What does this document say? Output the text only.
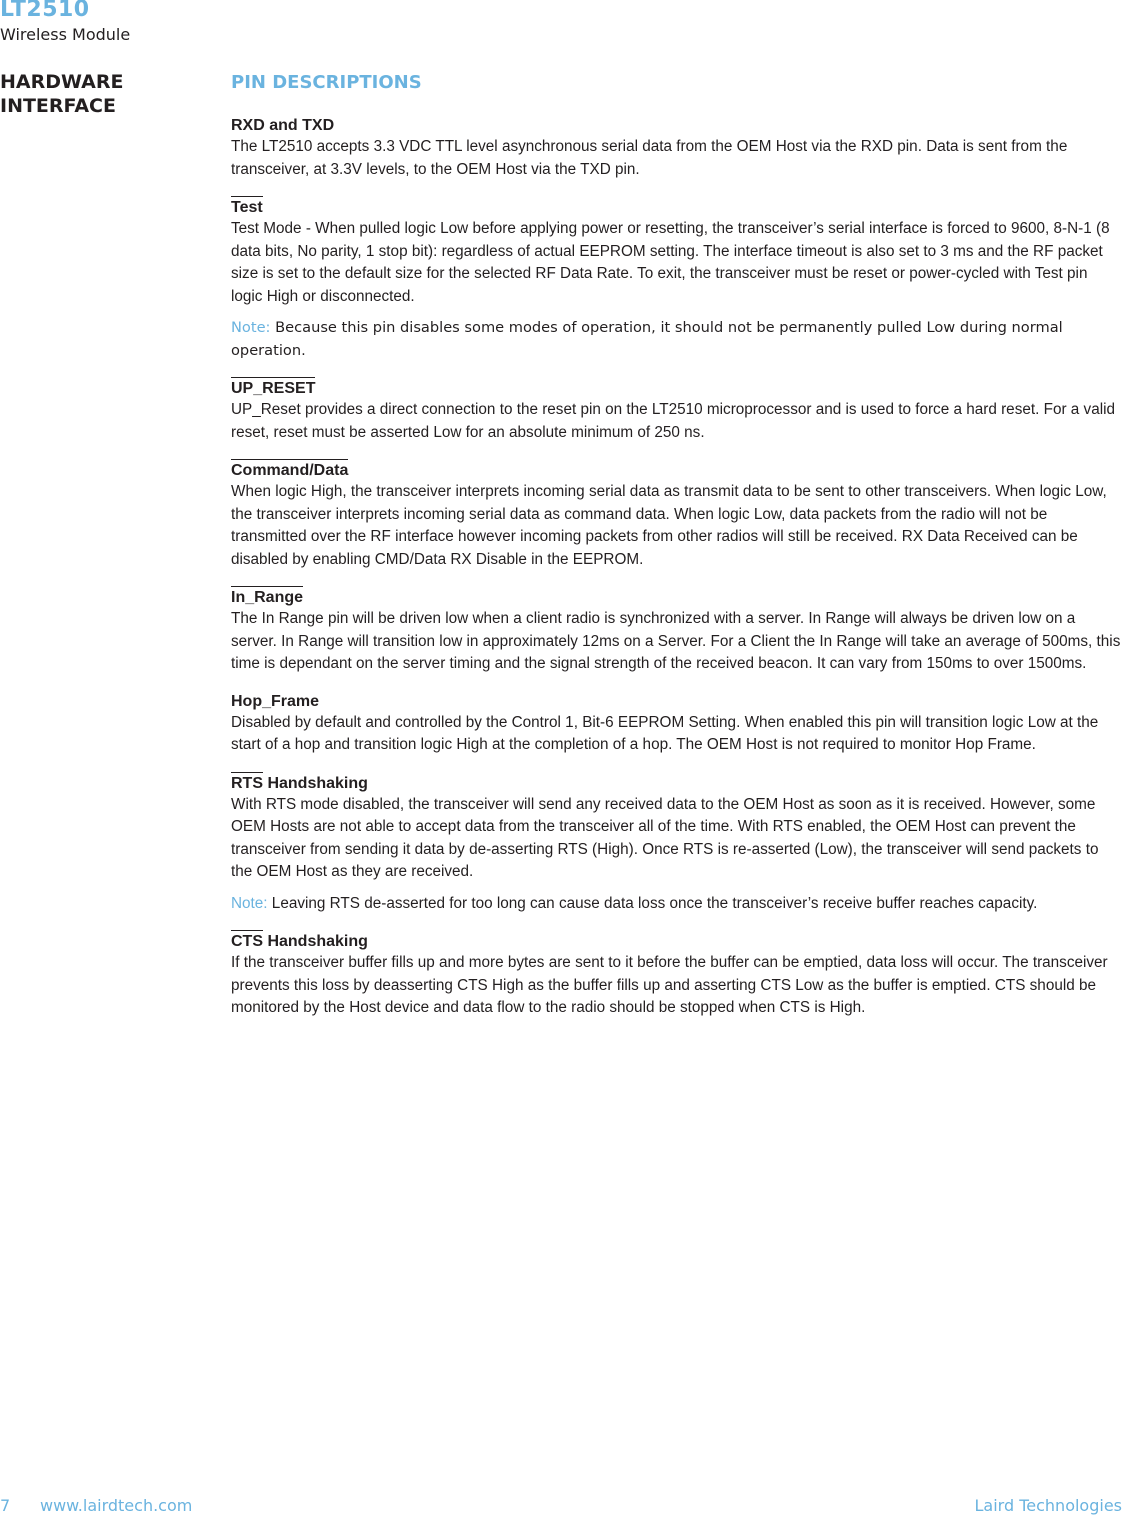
LT2510
Wireless Module
HARDWARE
INTERFACE
PIN DESCRIPTIONS
RXD and TXD

The LT2510 accepts 3.3 VDC TTL level asynchronous serial data from the OEM Host via the RXD pin. Data is sent from the transceiver, at 3.3V levels, to the OEM Host via the TXD pin.

Test

Test Mode - When pulled logic Low before applying power or resetting, the transceiver’s serial interface is forced to 9600, 8-N-1 (8 data bits, No parity, 1 stop bit): regardless of actual EEPROM setting. The interface timeout is also set to 3 ms and the RF packet size is set to the default size for the selected RF Data Rate. To exit, the transceiver must be reset or power-cycled with Test pin logic High or disconnected.

Note: Because this pin disables some modes of operation, it should not be permanently pulled Low during normal operation.

UP_RESET

UP_Reset provides a direct connection to the reset pin on the LT2510 microprocessor and is used to force a hard reset. For a valid reset, reset must be asserted Low for an absolute minimum of 250 ns.

Command/Data

When logic High, the transceiver interprets incoming serial data as transmit data to be sent to other transceivers. When logic Low, the transceiver interprets incoming serial data as command data. When logic Low, data packets from the radio will not be transmitted over the RF interface however incoming packets from other radios will still be received. RX Data Received can be disabled by enabling CMD/Data RX Disable in the EEPROM.

In_Range

The In Range pin will be driven low when a client radio is synchronized with a server. In Range will always be driven low on a server. In Range will transition low in approximately 12ms on a Server. For a Client the In Range will take an average of 500ms, this time is dependant on the server timing and the signal strength of the received beacon. It can vary from 150ms to over 1500ms.

Hop_Frame

Disabled by default and controlled by the Control 1, Bit-6 EEPROM Setting. When enabled this pin will transition logic Low at the start of a hop and transition logic High at the completion of a hop. The OEM Host is not required to monitor Hop Frame.

RTS Handshaking

With RTS mode disabled, the transceiver will send any received data to the OEM Host as soon as it is received. However, some OEM Hosts are not able to accept data from the transceiver all of the time. With RTS enabled, the OEM Host can prevent the transceiver from sending it data by de-asserting RTS (High). Once RTS is re-asserted (Low), the transceiver will send packets to the OEM Host as they are received.

Note: Leaving RTS de-asserted for too long can cause data loss once the transceiver’s receive buffer reaches capacity.

CTS Handshaking

If the transceiver buffer fills up and more bytes are sent to it before the buffer can be emptied, data loss will occur. The transceiver prevents this loss by deasserting CTS High as the buffer fills up and asserting CTS Low as the buffer is emptied. CTS should be monitored by the Host device and data flow to the radio should be stopped when CTS is High.

7 www.lairdtech.com	Laird Technologies
